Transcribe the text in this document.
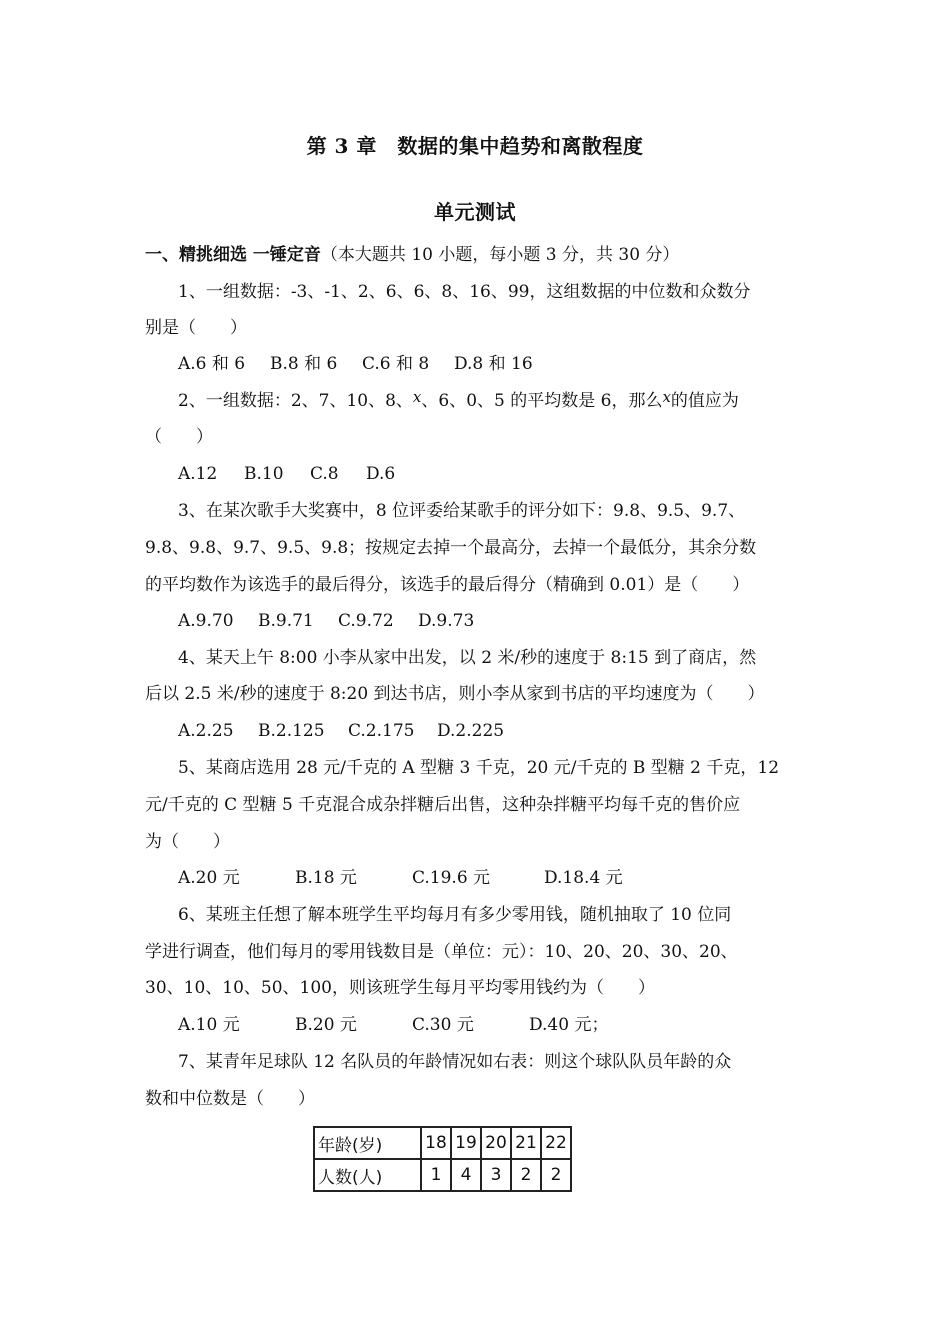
第 3 章　数据的集中趋势和离散程度
单元测试
一、精挑细选 一锤定音（本大题共 10 小题，每小题 3 分，共 30 分）
1、一组数据：-3、-1、2、6、6、8、16、99，这组数据的中位数和众数分
别是（　　）
A.6 和 6 B.8 和 6 C.6 和 8 D.8 和 16
2、一组数据：2、7、10、8、x、6、0、5 的平均数是 6，那么x的值应为
（　　）
A.12 B.10 C.8 D.6
3、在某次歌手大奖赛中，8 位评委给某歌手的评分如下：9.8、9.5、9.7、
9.8、9.8、9.7、9.5、9.8；按规定去掉一个最高分，去掉一个最低分，其余分数
的平均数作为该选手的最后得分，该选手的最后得分（精确到 0.01）是（　　）
A.9.70 B.9.71 C.9.72 D.9.73
4、某天上午 8:00 小李从家中出发，以 2 米/秒的速度于 8:15 到了商店，然
后以 2.5 米/秒的速度于 8:20 到达书店，则小李从家到书店的平均速度为（　　）
A.2.25 B.2.125 C.2.175 D.2.225
5、某商店选用 28 元/千克的 A 型糖 3 千克，20 元/千克的 B 型糖 2 千克，12
元/千克的 C 型糖 5 千克混合成杂拌糖后出售，这种杂拌糖平均每千克的售价应
为（　　）
A.20 元	B.18 元	C.19.6 元	D.18.4 元
6、某班主任想了解本班学生平均每月有多少零用钱，随机抽取了 10 位同
学进行调查，他们每月的零用钱数目是（单位：元）：10、20、20、30、20、
30、10、10、50、100，则该班学生每月平均零用钱约为（　　）
A.10 元	B.20 元	C.30 元	D.40 元；
7、某青年足球队 12 名队员的年龄情况如右表：则这个球队队员年龄的众
数和中位数是（　　）
年龄(岁)	18	19	20	21	22
人数(人)	1	4	3	2	2
